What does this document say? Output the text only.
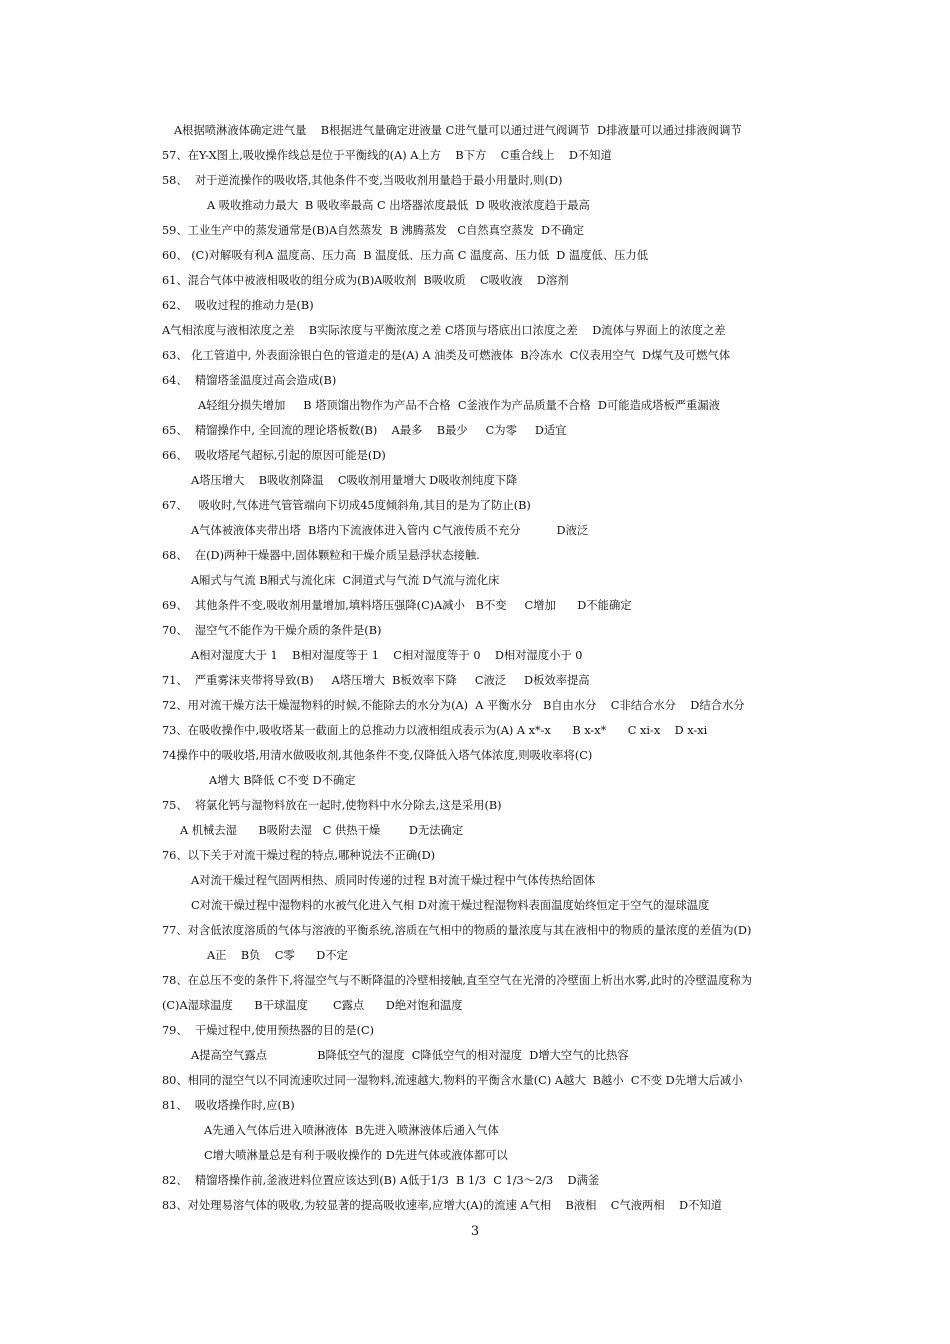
A根据喷淋液体确定进气量    B根据进气量确定进液量 C进气量可以通过进气阀调节  D排液量可以通过排液阀调节
57、在Y-X图上,吸收操作线总是位于平衡线的(A) A上方    B下方    C重合线上    D不知道
58、  对于逆流操作的吸收塔,其他条件不变,当吸收剂用量趋于最小用量时,则(D)
A 吸收推动力最大  B 吸收率最高 C 出塔器浓度最低  D 吸收液浓度趋于最高
59、工业生产中的蒸发通常是(B)A自然蒸发  B 沸腾蒸发   C自然真空蒸发  D不确定
60、 (C)对解吸有利A 温度高、压力高  B 温度低、压力高 C 温度高、压力低  D 温度低、压力低
61、混合气体中被液相吸收的组分成为(B)A吸收剂  B吸收质    C吸收液    D溶剂
62、  吸收过程的推动力是(B)
A气相浓度与液相浓度之差    B实际浓度与平衡浓度之差 C塔顶与塔底出口浓度之差    D流体与界面上的浓度之差
63、 化工管道中, 外表面涂银白色的管道走的是(A) A 油类及可燃液体  B冷冻水  C仪表用空气  D煤气及可燃气体
64、  精馏塔釜温度过高会造成(B)
A轻组分损失增加     B 塔顶馏出物作为产品不合格  C釜液作为产品质量不合格  D可能造成塔板严重漏液
65、  精馏操作中, 全回流的理论塔板数(B)    A最多    B最少     C为零     D适宜
66、  吸收塔尾气超标,引起的原因可能是(D)
A塔压增大    B吸收剂降温    C吸收剂用量增大 D吸收剂纯度下降
67、   吸收时,气体进气管管端向下切成45度倾斜角,其目的是为了防止(B)
A气体被液体夹带出塔  B塔内下流液体进入管内 C气液传质不充分          D液泛
68、  在(D)两种干燥器中,固体颗粒和干燥介质呈悬浮状态接触.
A厢式与气流 B厢式与流化床  C洞道式与气流 D气流与流化床
69、  其他条件不变,吸收剂用量增加,填料塔压强降(C)A减小   B不变     C增加      D不能确定
70、  湿空气不能作为干燥介质的条件是(B)
A相对湿度大于 1    B相对湿度等于 1    C相对湿度等于 0    D相对湿度小于 0
71、  严重雾沫夹带将导致(B)     A塔压增大  B板效率下降     C液泛     D板效率提高
72、用对流干燥方法干燥湿物料的时候,不能除去的水分为(A)  A 平衡水分   B自由水分    C非结合水分    D结合水分
73、在吸收操作中,吸收塔某一截面上的总推动力以液相组成表示为(A) A x*-x      B x-x*      C xi-x    D x-xi
74操作中的吸收塔,用清水做吸收剂,其他条件不变,仅降低入塔气体浓度,则吸收率将(C)
A增大 B降低 C不变 D不确定
75、  将氯化钙与湿物料放在一起时,使物料中水分除去,这是采用(B)
A 机械去湿      B吸附去湿   C 供热干燥        D无法确定
76、以下关于对流干燥过程的特点,哪种说法不正确(D)
A对流干燥过程气固两相热、质同时传递的过程 B对流干燥过程中气体传热给固体
C对流干燥过程中湿物料的水被气化进入气相 D对流干燥过程湿物料表面温度始终恒定于空气的湿球温度
77、对含低浓度溶质的气体与溶液的平衡系统,溶质在气相中的物质的量浓度与其在液相中的物质的量浓度的差值为(D)
A正    B负    C零      D不定
78、在总压不变的条件下,将湿空气与不断降温的冷壁相接触,直至空气在光滑的冷壁面上析出水雾,此时的冷壁温度称为
(C)A湿球温度      B干球温度       C露点      D绝对饱和温度
79、  干燥过程中,使用预热器的目的是(C)
A提高空气露点              B降低空气的湿度  C降低空气的相对湿度  D增大空气的比热容
80、相同的湿空气以不同流速吹过同一湿物料,流速越大,物料的平衡含水量(C) A越大  B越小  C不变 D先增大后减小
81、  吸收塔操作时,应(B)
A先通入气体后进入喷淋液体  B先进入喷淋液体后通入气体
C增大喷淋量总是有利于吸收操作的 D先进气体或液体都可以
82、  精馏塔操作前,釜液进料位置应该达到(B) A低于1/3  B 1/3  C 1/3～2/3    D满釜
83、对处理易溶气体的吸收,为较显著的提高吸收速率,应增大(A)的流速 A气相    B液相    C气液两相    D不知道
3
